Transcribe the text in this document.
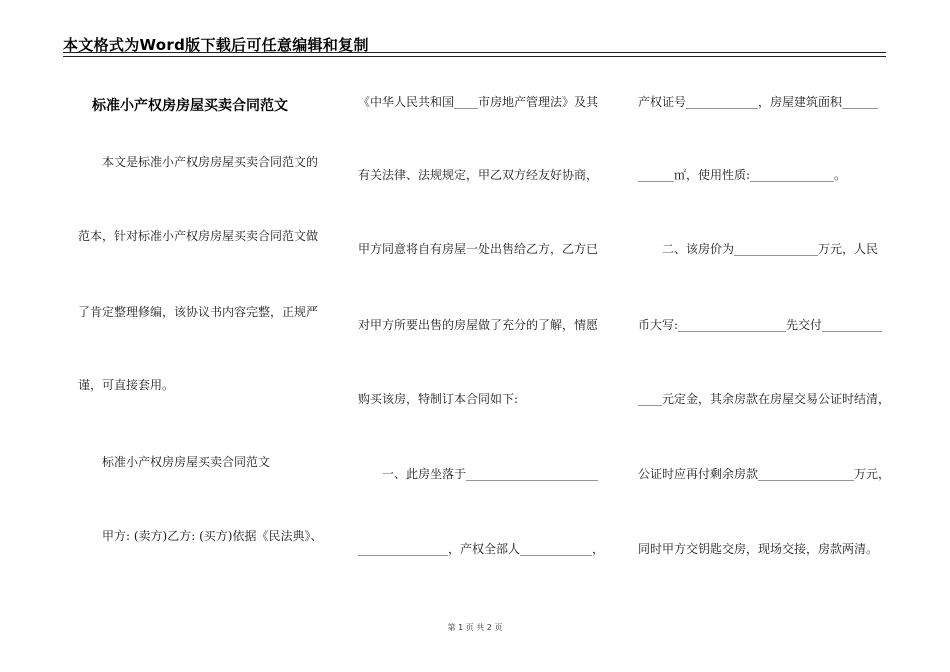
本文格式为Word版下载后可任意编辑和复制
标准小产权房房屋买卖合同范文
　　本文是标准小产权房房屋买卖合同范文的
范本，针对标准小产权房房屋买卖合同范文做
了肯定整理修编，该协议书内容完整，正规严
谨，可直接套用。
　　标准小产权房房屋买卖合同范文
　　甲方: (卖方)乙方: (买方)依据《民法典》、
《中华人民共和国____市房地产管理法》及其
有关法律、法规规定，甲乙双方经友好协商，
甲方同意将自有房屋一处出售给乙方，乙方已
对甲方所要出售的房屋做了充分的了解，情愿
购买该房，特制订本合同如下:
　　一、此房坐落于______________________
_______________，产权全部人____________，
产权证号____________，房屋建筑面积______
______㎡，使用性质:______________。
　　二、该房价为______________万元，人民
币大写:__________________先交付__________
____元定金，其余房款在房屋交易公证时结清，
公证时应再付剩余房款________________万元，
同时甲方交钥匙交房，现场交接，房款两清。
第 1 页 共 2 页
